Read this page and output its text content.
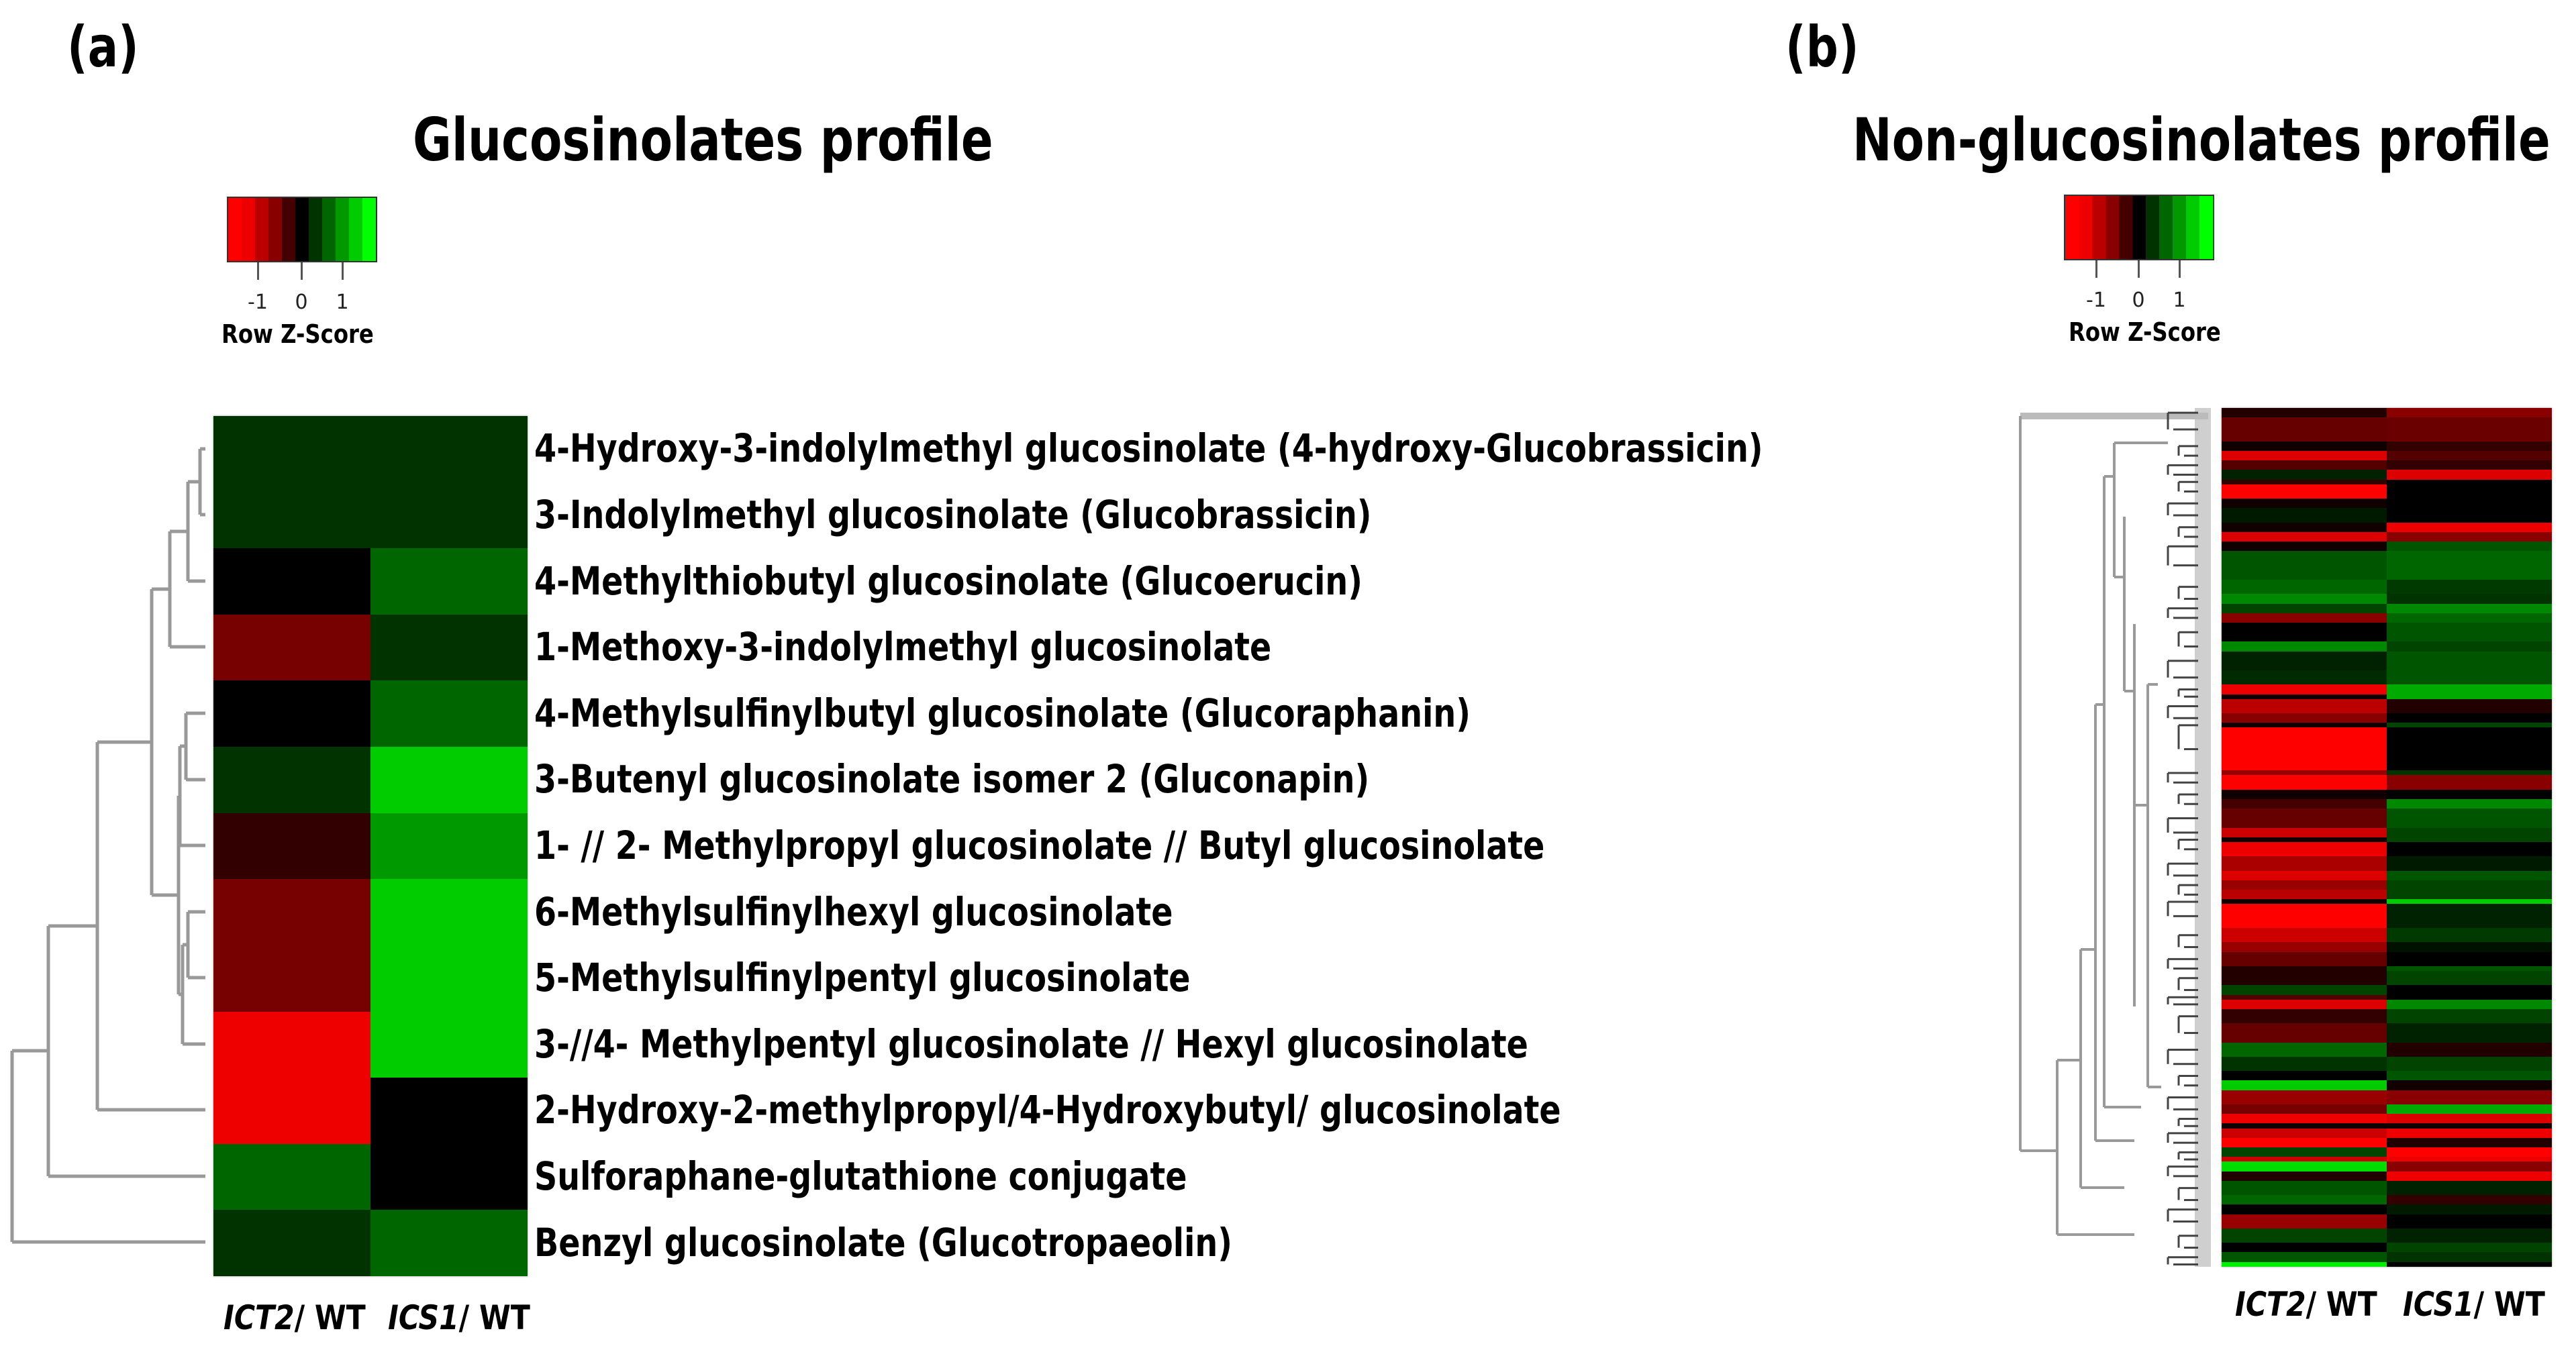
(a)
Glucosinolates profile
-1 0 1
Row Z-Score
4-Hydroxy-3-indolylmethyl glucosinolate (4-hydroxy-Glucobrassicin)
3-Indolylmethyl glucosinolate (Glucobrassicin)
4-Methylthiobutyl glucosinolate (Glucoerucin)
1-Methoxy-3-indolylmethyl glucosinolate
4-Methylsulfinylbutyl glucosinolate (Glucoraphanin)
3-Butenyl glucosinolate isomer 2 (Gluconapin)
1- // 2- Methylpropyl glucosinolate // Butyl glucosinolate
6-Methylsulfinylhexyl glucosinolate
5-Methylsulfinylpentyl glucosinolate
3-//4- Methylpentyl glucosinolate // Hexyl glucosinolate
2-Hydroxy-2-methylpropyl/4-Hydroxybutyl/ glucosinolate
Sulforaphane-glutathione conjugate
Benzyl glucosinolate (Glucotropaeolin)
ICT2/ WT ICS1/ WT
(b)
Non-glucosinolates profile
-1 0 1
Row Z-Score
ICT2/ WT ICS1/ WT
